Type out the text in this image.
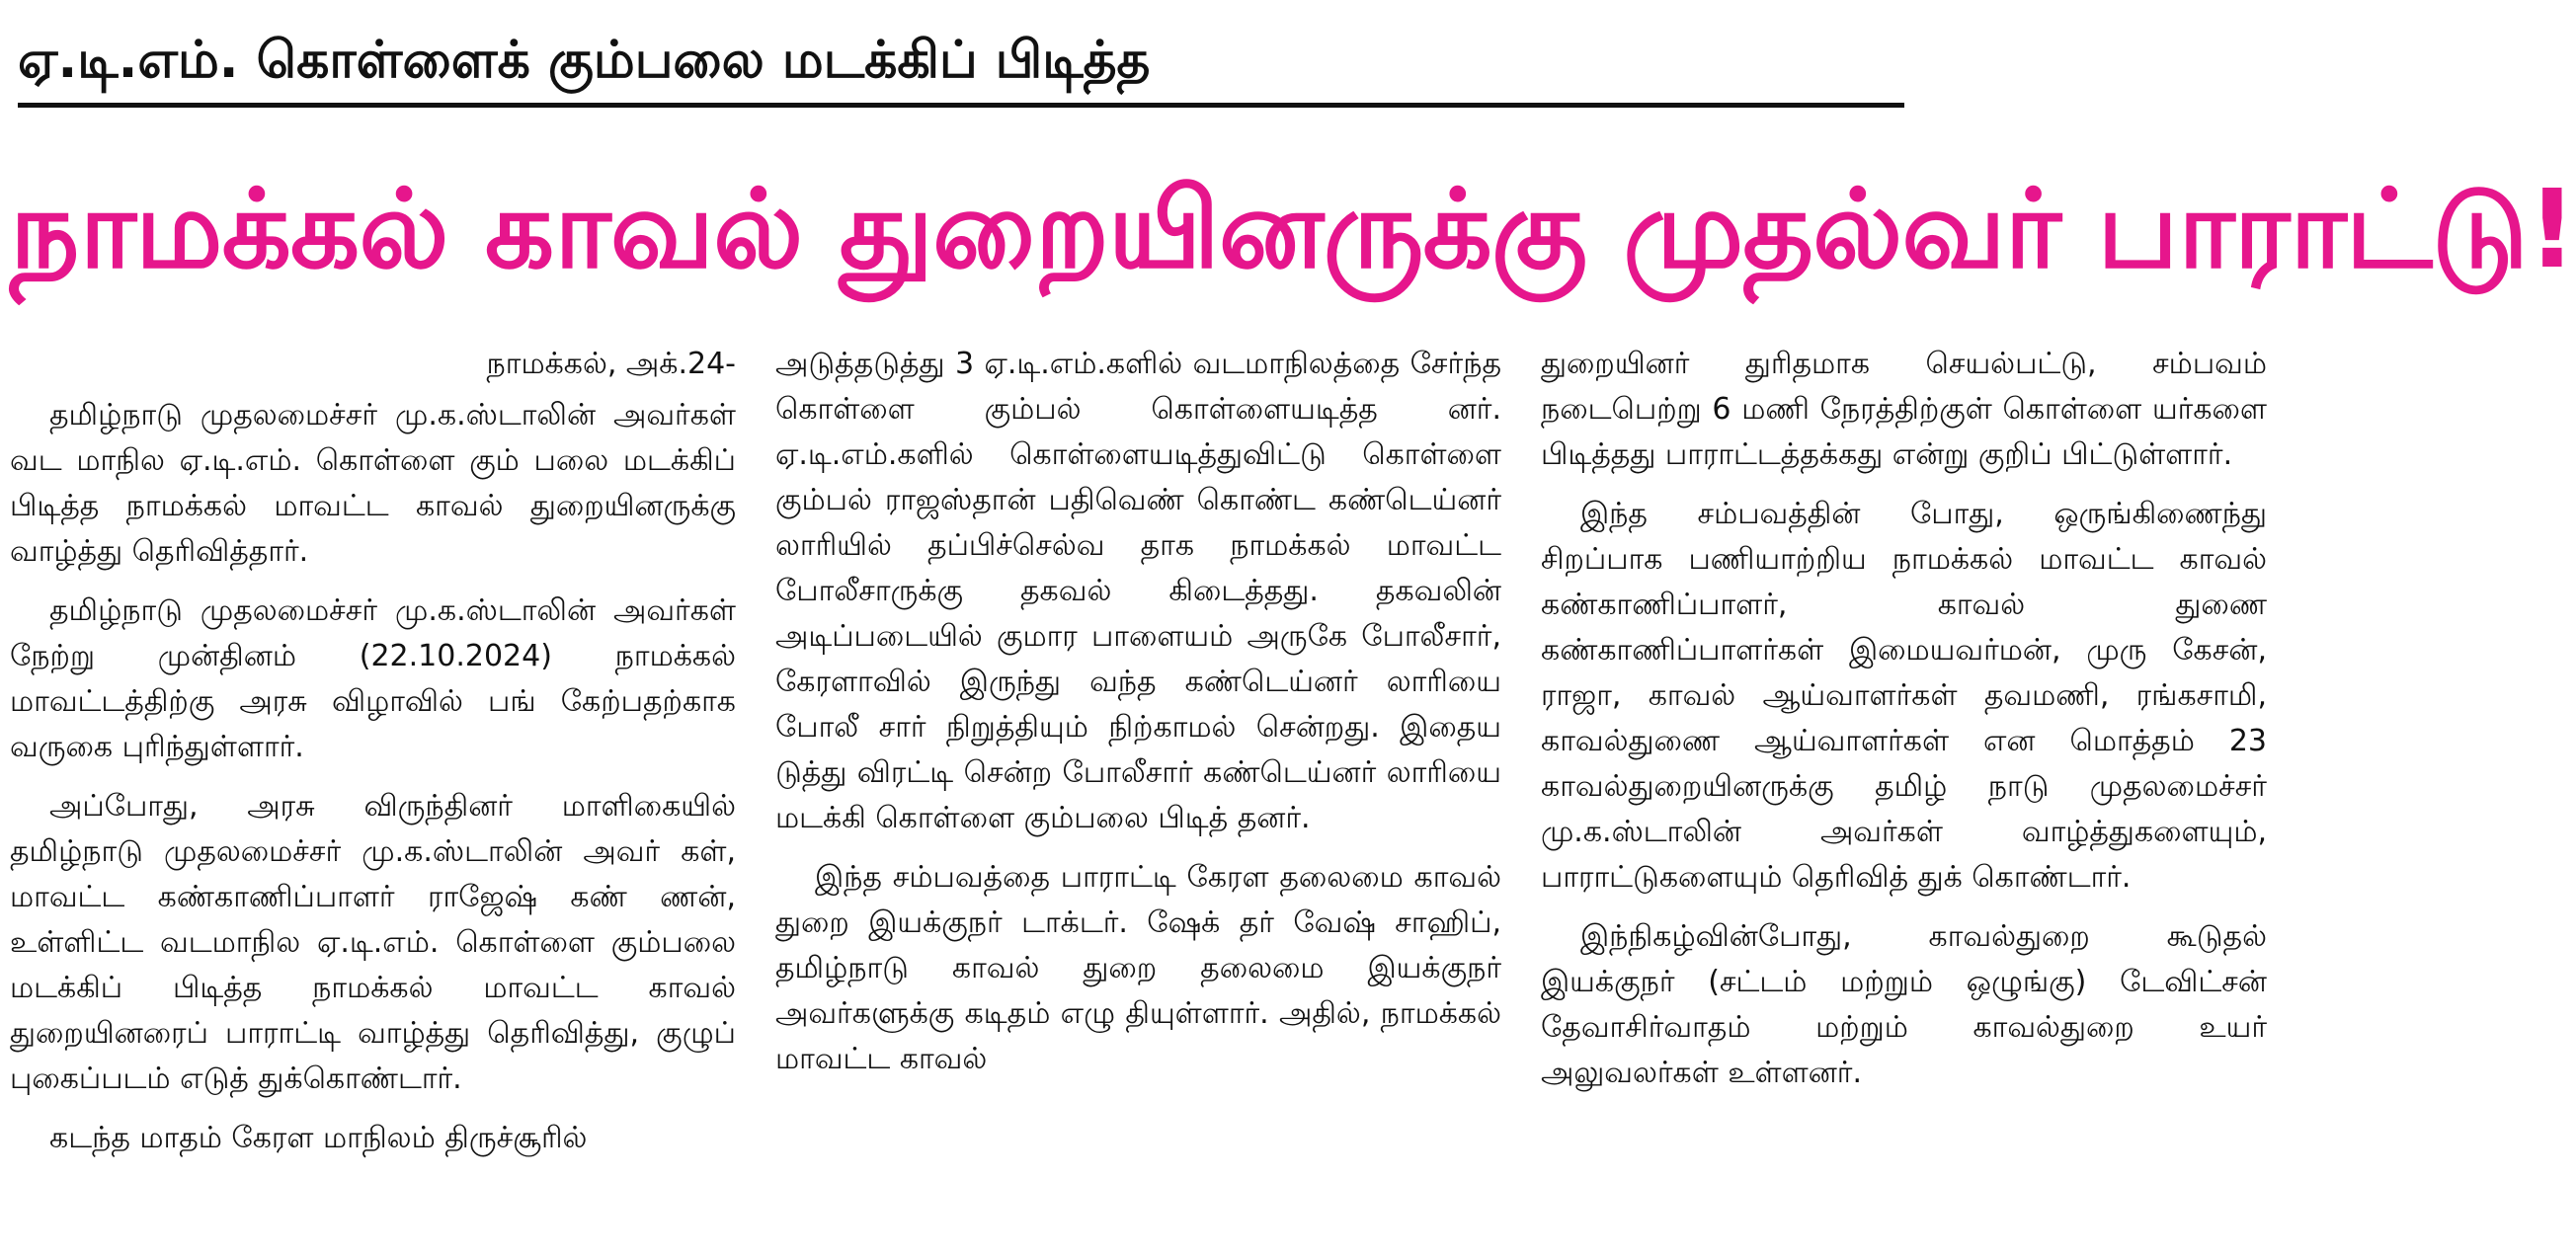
ஏ.டி.எம். கொள்ளைக் கும்பலை மடக்கிப் பிடித்த
நாமக்கல் காவல் துறையினருக்கு முதல்வர் பாராட்டு!

நாமக்கல், அக்.24-

தமிழ்நாடு முதலமைச்சர் மு.க.ஸ்டாலின் அவர்கள் வட மாநில ஏ.டி.எம். கொள்ளை கும் பலை மடக்கிப் பிடித்த நாமக்கல் மாவட்ட காவல் துறையினருக்கு வாழ்த்து தெரிவித்தார்.

தமிழ்நாடு முதலமைச்சர் மு.க.ஸ்டாலின் அவர்கள் நேற்று முன்தினம் (22.10.2024) நாமக்கல் மாவட்டத்திற்கு அரசு விழாவில் பங் கேற்பதற்காக வருகை புரிந்துள்ளார்.

அப்போது, அரசு விருந்தினர் மாளிகையில் தமிழ்நாடு முதலமைச்சர் மு.க.ஸ்டாலின் அவர் கள், மாவட்ட கண்காணிப்பாளர் ராஜேஷ் கண் ணன், உள்ளிட்ட வடமாநில ஏ.டி.எம். கொள்ளை கும்பலை மடக்கிப் பிடித்த நாமக்கல் மாவட்ட காவல் துறையினரைப் பாராட்டி வாழ்த்து தெரிவித்து, குழுப் புகைப்படம் எடுத் துக்கொண்டார்.

கடந்த மாதம் கேரள மாநிலம் திருச்சூரில்

அடுத்தடுத்து 3 ஏ.டி.எம்.களில் வடமாநிலத்தை சேர்ந்த கொள்ளை கும்பல் கொள்ளையடித்த னர். ஏ.டி.எம்.களில் கொள்ளையடித்துவிட்டு கொள்ளை கும்பல் ராஜஸ்தான் பதிவெண் கொண்ட கண்டெய்னர் லாரியில் தப்பிச்செல்வ தாக நாமக்கல் மாவட்ட போலீசாருக்கு தகவல் கிடைத்தது. தகவலின் அடிப்படையில் குமார பாளையம் அருகே போலீசார், கேரளாவில் இருந்து வந்த கண்டெய்னர் லாரியை போலீ சார் நிறுத்தியும் நிற்காமல் சென்றது. இதைய டுத்து விரட்டி சென்ற போலீசார் கண்டெய்னர் லாரியை மடக்கி கொள்ளை கும்பலை பிடித் தனர்.

இந்த சம்பவத்தை பாராட்டி கேரள தலைமை காவல் துறை இயக்குநர் டாக்டர். ஷேக் தர் வேஷ் சாஹிப், தமிழ்நாடு காவல் துறை தலைமை இயக்குநர் அவர்களுக்கு கடிதம் எழு தியுள்ளார். அதில், நாமக்கல் மாவட்ட காவல்

துறையினர் துரிதமாக செயல்பட்டு, சம்பவம் நடைபெற்று 6 மணி நேரத்திற்குள் கொள்ளை யர்களை பிடித்தது பாராட்டத்தக்கது என்று குறிப் பிட்டுள்ளார்.

இந்த சம்பவத்தின் போது, ஒருங்கிணைந்து சிறப்பாக பணியாற்றிய நாமக்கல் மாவட்ட காவல் கண்காணிப்பாளர், காவல் துணை கண்காணிப்பாளர்கள் இமையவர்மன், முரு கேசன், ராஜா, காவல் ஆய்வாளர்கள் தவமணி, ரங்கசாமி, காவல்துணை ஆய்வாளர்கள் என மொத்தம் 23 காவல்துறையினருக்கு தமிழ் நாடு முதலமைச்சர் மு.க.ஸ்டாலின் அவர்கள் வாழ்த்துகளையும், பாராட்டுகளையும் தெரிவித் துக் கொண்டார்.

இந்நிகழ்வின்போது, காவல்துறை கூடுதல் இயக்குநர் (சட்டம் மற்றும் ஒழுங்கு) டேவிட்சன் தேவாசிர்வாதம் மற்றும் காவல்துறை உயர் அலுவலர்கள் உள்ளனர்.
